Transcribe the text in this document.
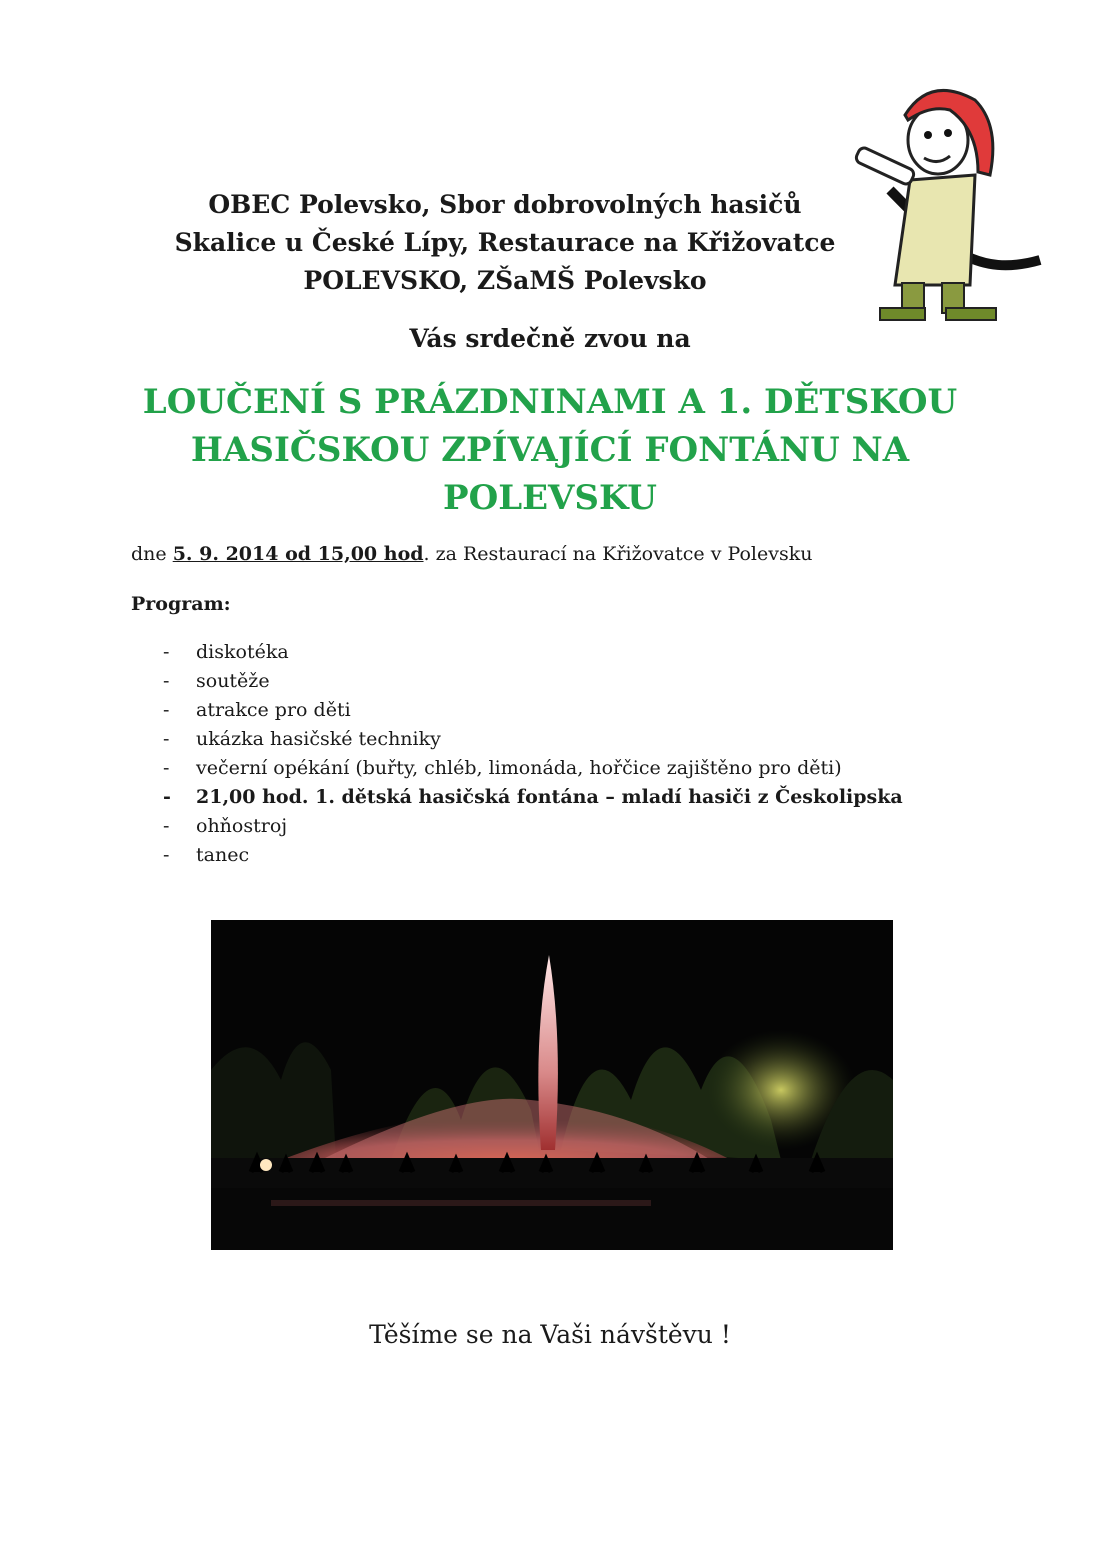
OBEC Polevsko, Sbor dobrovolných hasičů
Skalice u České Lípy, Restaurace na Křižovatce
POLEVSKO, ZŠaMŠ Polevsko
Vás srdečně zvou na
LOUČENÍ S PRÁZDNINAMI A 1. DĚTSKOU
HASIČSKOU ZPÍVAJÍCÍ FONTÁNU NA
POLEVSKU
dne 5. 9. 2014 od 15,00 hod. za Restaurací na Křižovatce v Polevsku
Program:
-	diskotéka
-	soutěže
-	atrakce pro děti
-	ukázka hasičské techniky
-	večerní opékání (buřty, chléb, limonáda, hořčice zajištěno pro děti)
-	21,00 hod. 1. dětská hasičská fontána – mladí hasiči z Českolipska
-	ohňostroj
-	tanec
Těšíme se na Vaši návštěvu !
